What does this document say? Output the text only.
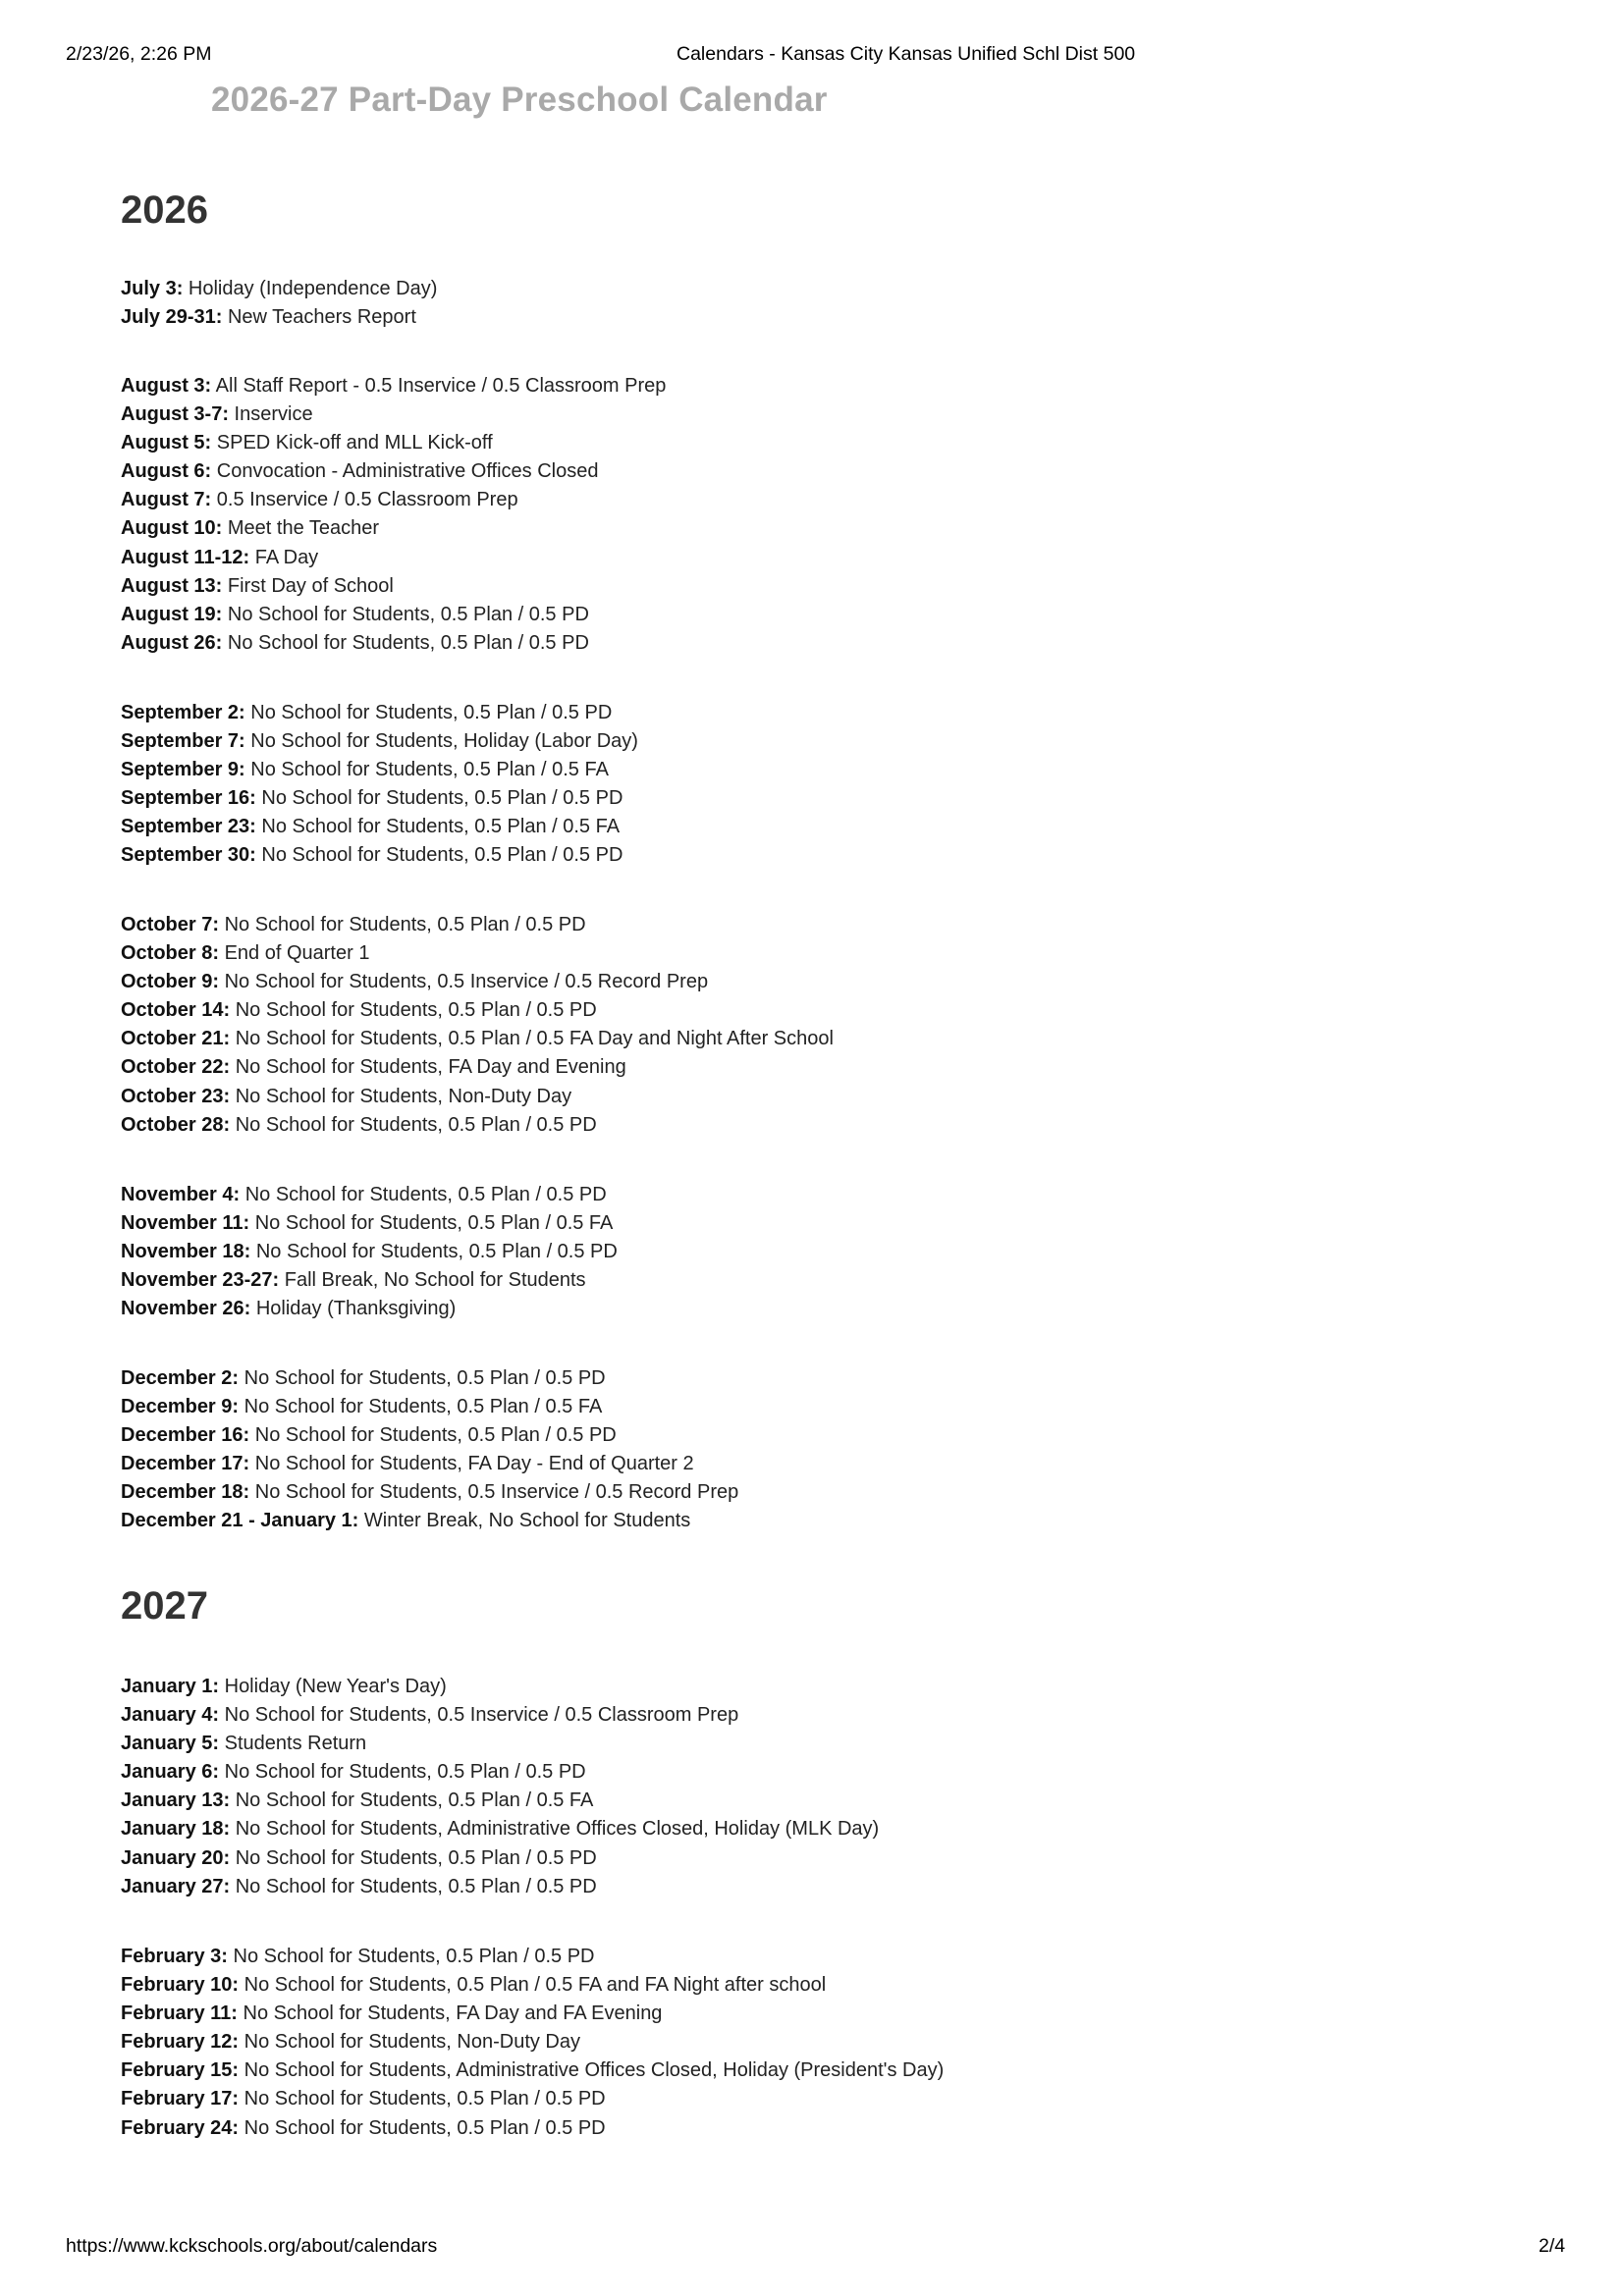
2/23/26, 2:26 PM	Calendars - Kansas City Kansas Unified Schl Dist 500
2026-27 Part-Day Preschool Calendar
2026
July 3: Holiday (Independence Day)
July 29-31: New Teachers Report
August 3: All Staff Report - 0.5 Inservice / 0.5 Classroom Prep
August 3-7: Inservice
August 5: SPED Kick-off and MLL Kick-off
August 6: Convocation - Administrative Offices Closed
August 7: 0.5 Inservice / 0.5 Classroom Prep
August 10: Meet the Teacher
August 11-12: FA Day
August 13: First Day of School
August 19: No School for Students, 0.5 Plan / 0.5 PD
August 26: No School for Students, 0.5 Plan / 0.5 PD
September 2: No School for Students, 0.5 Plan / 0.5 PD
September 7: No School for Students, Holiday (Labor Day)
September 9: No School for Students, 0.5 Plan / 0.5 FA
September 16: No School for Students, 0.5 Plan / 0.5 PD
September 23: No School for Students, 0.5 Plan / 0.5 FA
September 30: No School for Students, 0.5 Plan / 0.5 PD
October 7: No School for Students, 0.5 Plan / 0.5 PD
October 8: End of Quarter 1
October 9: No School for Students, 0.5 Inservice / 0.5 Record Prep
October 14: No School for Students, 0.5 Plan / 0.5 PD
October 21: No School for Students, 0.5 Plan / 0.5 FA Day and Night After School
October 22: No School for Students, FA Day and Evening
October 23: No School for Students, Non-Duty Day
October 28: No School for Students, 0.5 Plan / 0.5 PD
November 4: No School for Students, 0.5 Plan / 0.5 PD
November 11: No School for Students, 0.5 Plan / 0.5 FA
November 18: No School for Students, 0.5 Plan / 0.5 PD
November 23-27: Fall Break, No School for Students
November 26: Holiday (Thanksgiving)
December 2: No School for Students, 0.5 Plan / 0.5 PD
December 9: No School for Students, 0.5 Plan / 0.5 FA
December 16: No School for Students, 0.5 Plan / 0.5 PD
December 17: No School for Students, FA Day - End of Quarter 2
December 18: No School for Students, 0.5 Inservice / 0.5 Record Prep
December 21 - January 1: Winter Break, No School for Students
2027
January 1: Holiday (New Year's Day)
January 4: No School for Students, 0.5 Inservice / 0.5 Classroom Prep
January 5: Students Return
January 6: No School for Students, 0.5 Plan / 0.5 PD
January 13: No School for Students, 0.5 Plan / 0.5 FA
January 18: No School for Students, Administrative Offices Closed, Holiday (MLK Day)
January 20: No School for Students, 0.5 Plan / 0.5 PD
January 27: No School for Students, 0.5 Plan / 0.5 PD
February 3: No School for Students, 0.5 Plan / 0.5 PD
February 10: No School for Students, 0.5 Plan / 0.5 FA and FA Night after school
February 11: No School for Students, FA Day and FA Evening
February 12: No School for Students, Non-Duty Day
February 15: No School for Students, Administrative Offices Closed, Holiday (President's Day)
February 17: No School for Students, 0.5 Plan / 0.5 PD
February 24: No School for Students, 0.5 Plan / 0.5 PD
https://www.kckschools.org/about/calendars	2/4
